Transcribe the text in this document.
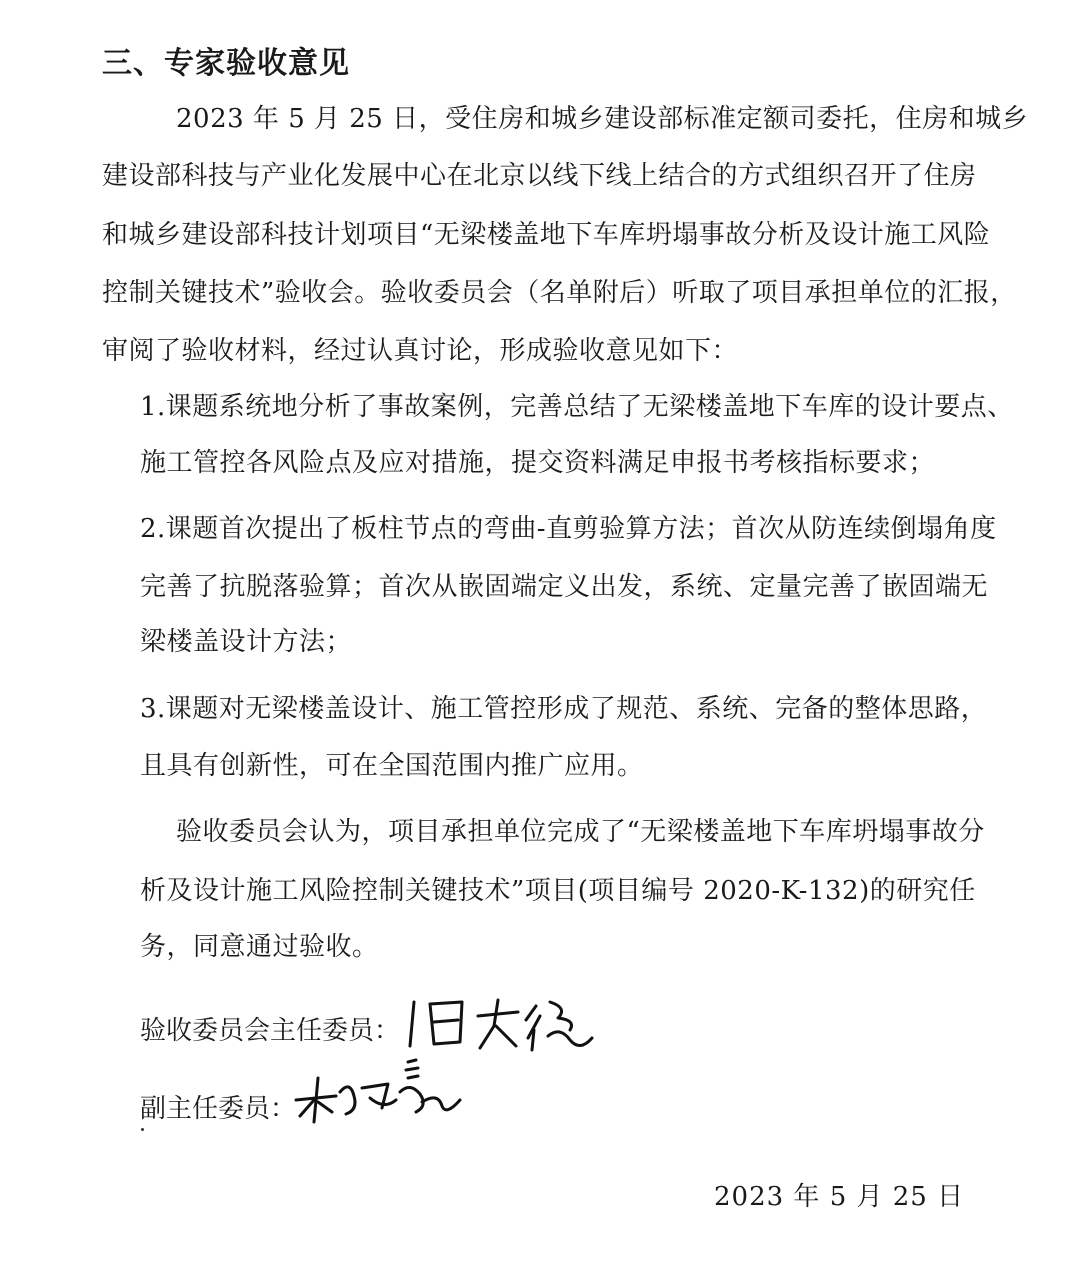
三、专家验收意见
2023 年 5 月 25 日，受住房和城乡建设部标准定额司委托，住房和城乡
建设部科技与产业化发展中心在北京以线下线上结合的方式组织召开了住房
和城乡建设部科技计划项目“无梁楼盖地下车库坍塌事故分析及设计施工风险
控制关键技术”验收会。验收委员会（名单附后）听取了项目承担单位的汇报，
审阅了验收材料，经过认真讨论，形成验收意见如下：
1.课题系统地分析了事故案例，完善总结了无梁楼盖地下车库的设计要点、
施工管控各风险点及应对措施，提交资料满足申报书考核指标要求；
2.课题首次提出了板柱节点的弯曲-直剪验算方法；首次从防连续倒塌角度
完善了抗脱落验算；首次从嵌固端定义出发，系统、定量完善了嵌固端无
梁楼盖设计方法；
3.课题对无梁楼盖设计、施工管控形成了规范、系统、完备的整体思路，
且具有创新性，可在全国范围内推广应用。
验收委员会认为，项目承担单位完成了“无梁楼盖地下车库坍塌事故分
析及设计施工风险控制关键技术”项目(项目编号 2020-K-132)的研究任
务，同意通过验收。
验收委员会主任委员：
副主任委员：
2023 年 5 月 25 日
